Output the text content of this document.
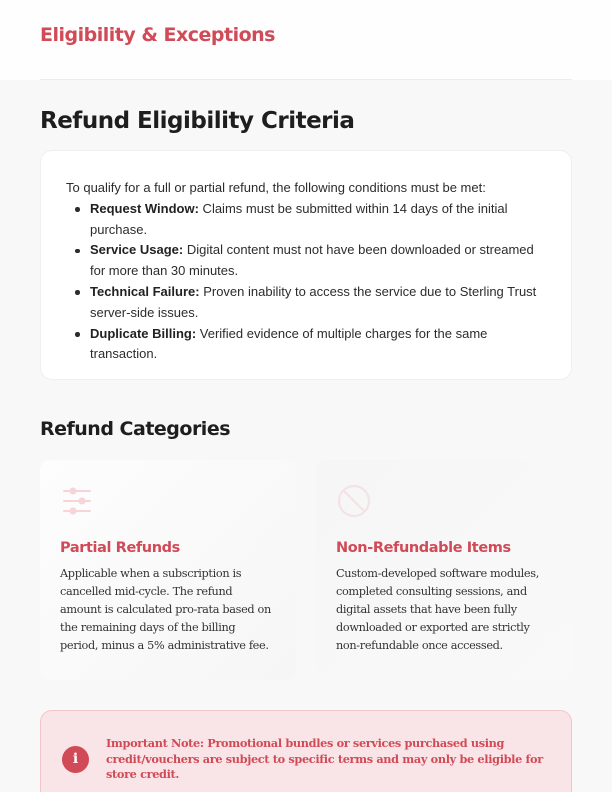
Eligibility & Exceptions
Refund Eligibility Criteria

To qualify for a full or partial refund, the following conditions must be met:

Request Window: Claims must be submitted within 14 days of the initial purchase.
Service Usage: Digital content must not have been downloaded or streamed for more than 30 minutes.
Technical Failure: Proven inability to access the service due to Sterling Trust server-side issues.
Duplicate Billing: Verified evidence of multiple charges for the same transaction.
Refund Categories
Partial Refunds

Applicable when a subscription is cancelled mid-cycle. The refund amount is calculated pro-rata based on the remaining days of the billing period, minus a 5% administrative fee.

Non-Refundable Items

Custom-developed software modules, completed consulting sessions, and digital assets that have been fully downloaded or exported are strictly non-refundable once accessed.

i

Important Note: Promotional bundles or services purchased using credit/vouchers are subject to specific terms and may only be eligible for store credit.
